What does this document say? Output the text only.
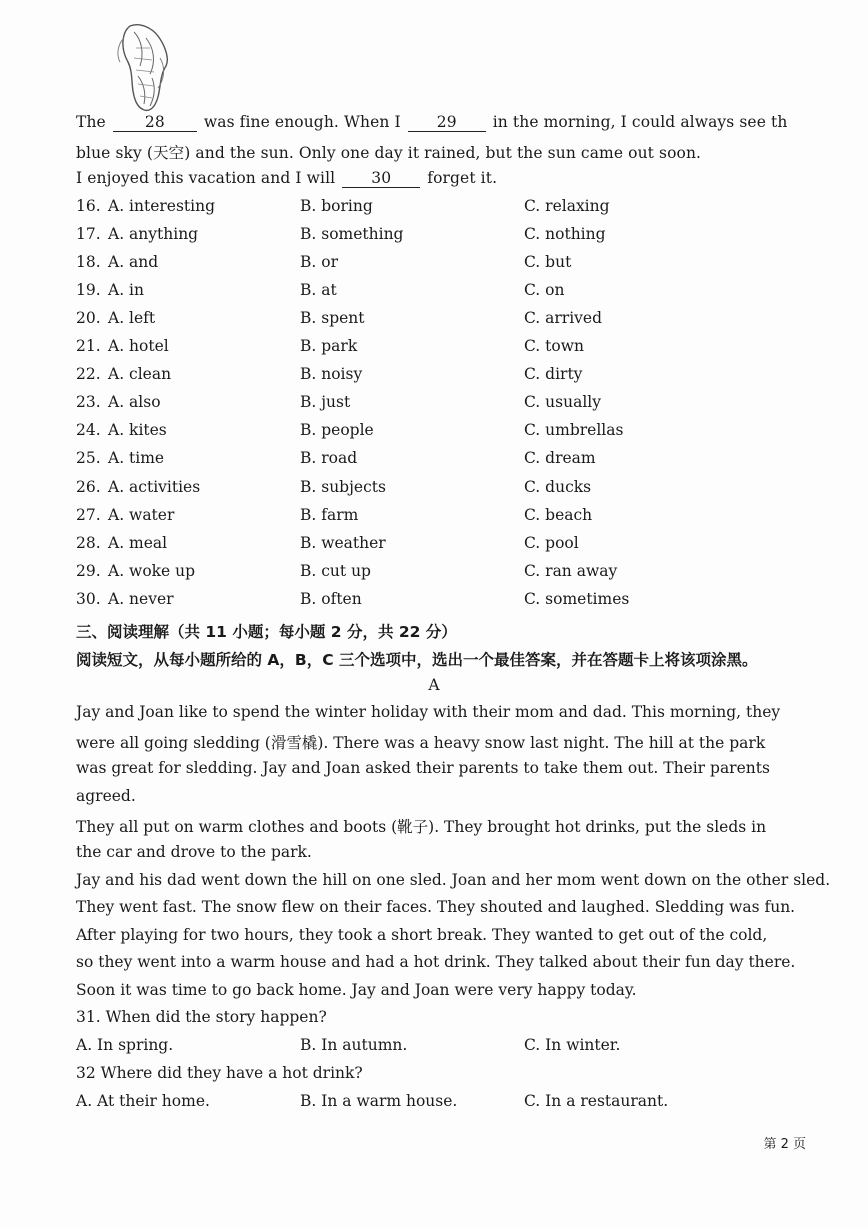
The	28	was fine enough. When I 29 in the morning, I could always see th
blue sky (天空) and the sun. Only one day it rained, but the sun came out soon.
I enjoyed this vacation and I will 30 forget it.
16. A. interesting	B. boring	C. relaxing
17. A. anything	B. something	C. nothing
18. A. and	B. or	C. but
19. A. in	B. at	C. on
20. A. left	B. spent	C. arrived
21. A. hotel	B. park	C. town
22. A. clean	B. noisy	C. dirty
23. A. also	B. just	C. usually
24. A. kites	B. people	C. umbrellas
25. A. time	B. road	C. dream
26. A. activities	B. subjects	C. ducks
27. A. water	B. farm	C. beach
28. A. meal	B. weather	C. pool
29. A. woke up	B. cut up	C. ran away
30. A. never	B. often	C. sometimes
三、阅读理解（共 11 小题；每小题 2 分，共 22 分）
阅读短文，从每小题所给的 A，B，C 三个选项中，选出一个最佳答案，并在答题卡上将该项涂黑。
A
Jay and Joan like to spend the winter holiday with their mom and dad. This morning, they
were all going sledding (滑雪橇). There was a heavy snow last night. The hill at the park
was great for sledding. Jay and Joan asked their parents to take them out. Their parents
agreed.
They all put on warm clothes and boots (靴子). They brought hot drinks, put the sleds in
the car and drove to the park.
Jay and his dad went down the hill on one sled. Joan and her mom went down on the other sled.
They went fast. The snow flew on their faces. They shouted and laughed. Sledding was fun.
After playing for two hours, they took a short break. They wanted to get out of the cold,
so they went into a warm house and had a hot drink. They talked about their fun day there.
Soon it was time to go back home. Jay and Joan were very happy today.
31. When did the story happen?
A. In spring.	B. In autumn.	C. In winter.
32 Where did they have a hot drink?
A. At their home.	B. In a warm house.	C. In a restaurant.
第 2 页
